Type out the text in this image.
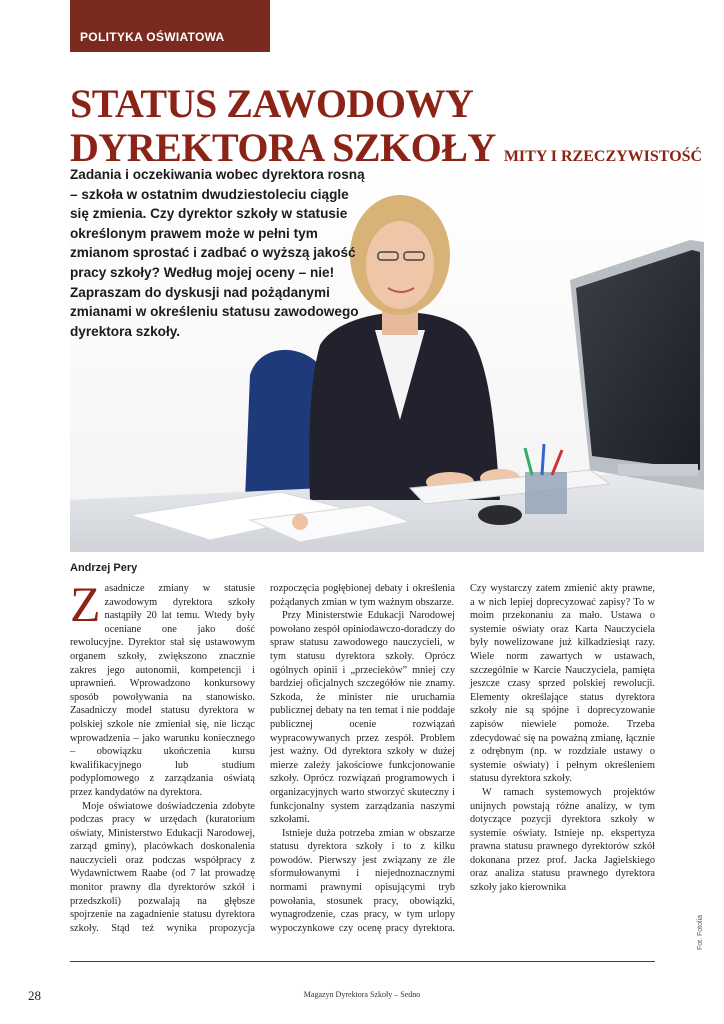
POLITYKA OŚWIATOWA
STATUS ZAWODOWY
DYREKTORA SZKOŁY MITY I RZECZYWISTOŚĆ

Zadania i oczekiwania wobec dyrektora rosną – szkoła w ostatnim dwudziestoleciu ciągle się zmienia. Czy dyrektor szkoły w statusie określonym prawem może w pełni tym zmianom sprostać i zadbać o wyższą jakość pracy szkoły? Według mojej oceny – nie! Zapraszam do dyskusji nad pożądanymi zmianami w określeniu statusu zawodowego dyrektora szkoły.

Andrzej Pery

Zasadnicze zmiany w statusie zawodowym dyrektora szkoły nastąpiły 20 lat temu. Wtedy były oceniane one jako dość rewolucyjne. Dyrektor stał się ustawowym organem szkoły, zwiększono znacznie zakres jego autonomii, kompetencji i uprawnień. Wprowadzono konkursowy sposób powoływania na stanowisko. Zasadniczy model statusu dyrektora w polskiej szkole nie zmieniał się, nie licząc wprowadzenia – jako warunku koniecznego – obowiązku ukończenia kursu kwalifikacyjnego lub studium podyplomowego z zarządzania oświatą przez kandydatów na dyrektora.

Moje oświatowe doświadczenia zdobyte podczas pracy w urzędach (kuratorium oświaty, Ministerstwo Edukacji Narodowej, zarząd gminy), placówkach doskonalenia nauczycieli oraz podczas współpracy z Wydawnictwem Raabe (od 7 lat prowadzę monitor prawny dla dyrektorów szkół i przedszkoli) pozwalają na głębsze spojrzenie na zagadnienie statusu dyrektora szkoły. Stąd też wynika propozycja rozpoczęcia pogłębionej debaty i określenia pożądanych zmian w tym ważnym obszarze.

Przy Ministerstwie Edukacji Narodowej powołano zespół opiniodawczo-doradczy do spraw statusu zawodowego nauczycieli, w tym statusu dyrektora szkoły. Oprócz ogólnych opinii i „przecieków” mniej czy bardziej oficjalnych szczegółów nie znamy. Szkoda, że minister nie uruchamia publicznej debaty na ten temat i nie poddaje publicznej ocenie rozwiązań wypracowywanych przez zespół. Problem jest ważny. Od dyrektora szkoły w dużej mierze zależy jakościowe funkcjonowanie szkoły. Oprócz rozwiązań programowych i organizacyjnych warto stworzyć skuteczny i funkcjonalny system zarządzania naszymi szkołami.

Istnieje duża potrzeba zmian w obszarze statusu dyrektora szkoły i to z kilku powodów. Pierwszy jest związany ze źle sformułowanymi i niejednoznacznymi normami prawnymi opisującymi tryb powołania, stosunek pracy, obowiązki, wynagrodzenie, czas pracy, w tym urlopy wypoczynkowe czy ocenę pracy dyrektora. Czy wystarczy zatem zmienić akty prawne, a w nich lepiej doprecyzować zapisy? To w moim przekonaniu za mało. Ustawa o systemie oświaty oraz Karta Nauczyciela były nowelizowane już kilkadziesiąt razy. Wiele norm zawartych w ustawach, szczególnie w Karcie Nauczyciela, pamięta jeszcze czasy sprzed polskiej rewolucji. Elementy określające status dyrektora szkoły nie są spójne i doprecyzowanie zapisów niewiele pomoże. Trzeba zdecydować się na poważną zmianę, łącznie z odrębnym (np. w rozdziale ustawy o systemie oświaty) i pełnym określeniem statusu dyrektora szkoły.

W ramach systemowych projektów unijnych powstają różne analizy, w tym dotyczące pozycji dyrektora szkoły w systemie oświaty. Istnieje np. ekspertyza prawna statusu prawnego dyrektorów szkół dokonana przez prof. Jacka Jagielskiego oraz analiza statusu prawnego dyrektora szkoły jako kierownika

Fot. Fotolia
28	Magazyn Dyrektora Szkoły – Sedno
